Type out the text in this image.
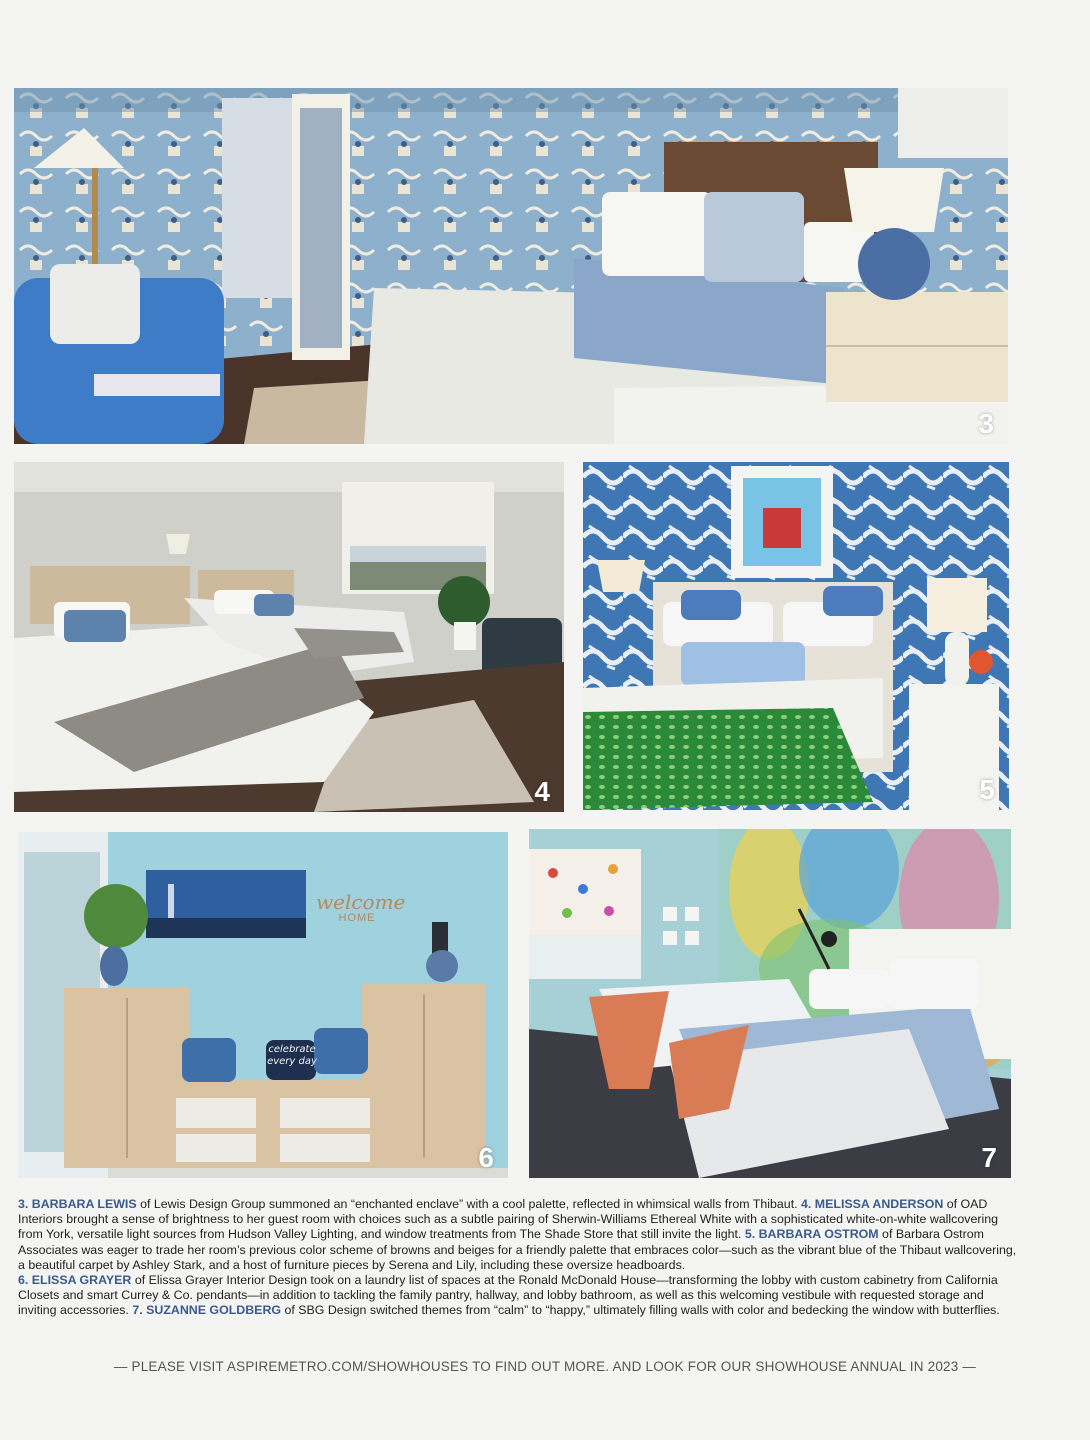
3
4	5
welcome
HOME
celebrate
every day
6	7
3. BARBARA LEWIS of Lewis Design Group summoned an “enchanted enclave” with a cool palette, reflected in whimsical walls from Thibaut. 4. MELISSA ANDERSON of OAD Interiors brought a sense of brightness to her guest room with choices such as a subtle pairing of Sherwin-Williams Ethereal White with a sophisticated white-on-white wallcovering from York, versatile light sources from Hudson Valley Lighting, and window treatments from The Shade Store that still invite the light. 5. BARBARA OSTROM of Barbara Ostrom Associates was eager to trade her room’s previous color scheme of browns and beiges for a friendly palette that embraces color—such as the vibrant blue of the Thibaut wallcovering, a beautiful carpet by Ashley Stark, and a host of furniture pieces by Serena and Lily, including these oversize headboards.
6. ELISSA GRAYER of Elissa Grayer Interior Design took on a laundry list of spaces at the Ronald McDonald House—transforming the lobby with custom cabinetry from California Closets and smart Currey & Co. pendants—in addition to tackling the family pantry, hallway, and lobby bathroom, as well as this welcoming vestibule with requested storage and inviting accessories. 7. SUZANNE GOLDBERG of SBG Design switched themes from “calm” to “happy,” ultimately filling walls with color and bedecking the window with butterflies.
— PLEASE VISIT ASPIREMETRO.COM/SHOWHOUSES TO FIND OUT MORE. AND LOOK FOR OUR SHOWHOUSE ANNUAL IN 2023 —
